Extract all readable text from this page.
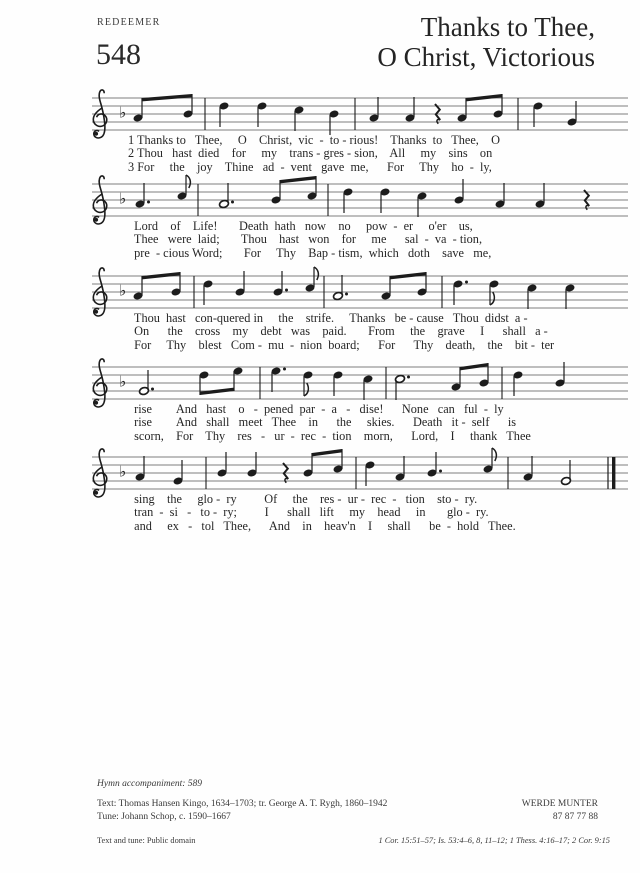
REDEEMER
548
Thanks to Thee,
O Christ, Victorious
♭
1 Thanks to   Thee,     O    Christ,  vic  -  to - rious!    Thanks  to   Thee,    O
2 Thou   hast  died    for     my    trans - gres - sion,    All     my    sins    on
3 For     the    joy    Thine   ad  -  vent   gave  me,      For     Thy    ho  -  ly,
♭
Lord    of    Life!       Death  hath   now    no     pow  -  er     o'er    us,
Thee   were  laid;       Thou    hast   won    for     me      sal  -  va  - tion,
pre  - cious Word;       For     Thy    Bap - tism,  which   doth    save   me,
♭
Thou  hast   con-quered in     the    strife.     Thanks   be - cause   Thou  didst  a -
On      the    cross    my    debt   was    paid.       From     the    grave     I      shall   a -
For     Thy    blest   Com -  mu  -  nion  board;      For      Thy    death,    the    bit -  ter
♭
rise        And   hast    o   -  pened  par  -  a   -   dise!      None   can   ful  -  ly
rise        And   shall   meet   Thee    in      the     skies.      Death   it -  self      is
scorn,    For    Thy    res   -   ur  -  rec  -  tion    morn,      Lord,    I     thank   Thee
♭
sing    the     glo -  ry         Of     the    res -  ur -  rec  -   tion    sto -  ry.
tran  -  si   -   to -  ry;         I      shall   lift     my    head     in       glo -  ry.
and     ex   -   tol   Thee,      And    in    heav'n    I     shall      be  -  hold   Thee.
Hymn accompaniment: 589
Text: Thomas Hansen Kingo, 1634–1703; tr. George A. T. Rygh, 1860–1942
Tune: Johann Schop, c. 1590–1667
WERDE MUNTER
87 87 77 88
Text and tune: Public domain	1 Cor. 15:51–57; Is. 53:4–6, 8, 11–12; 1 Thess. 4:16–17; 2 Cor. 9:15
